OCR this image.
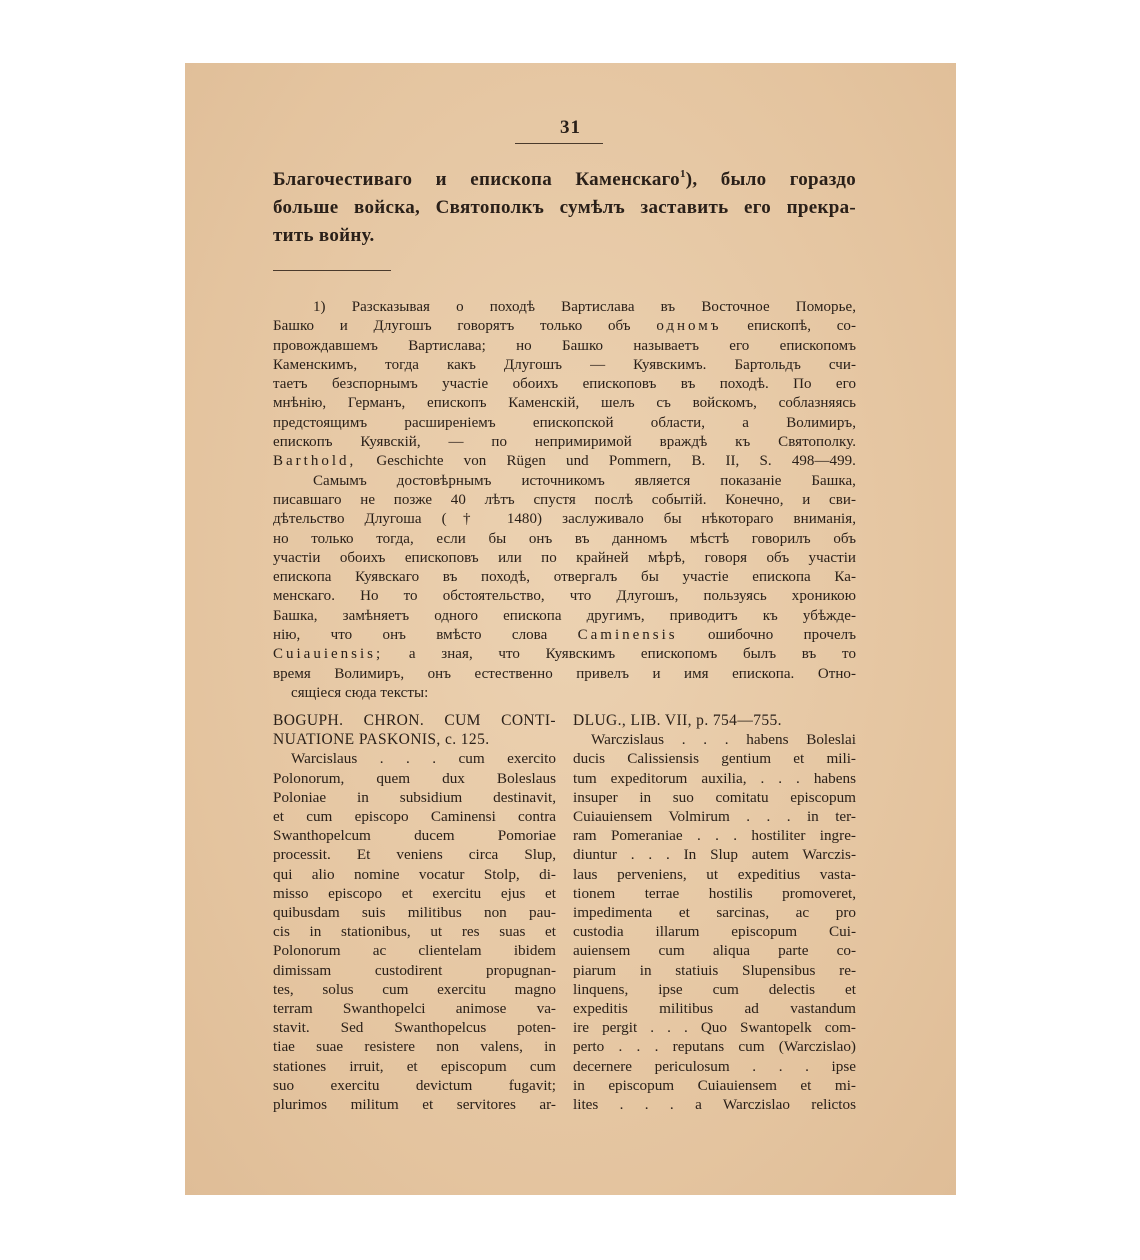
31
Благочестиваго и епископа Каменскаго$^1$), было гораздо
больше войска, Святополкъ сумѣлъ заставить его прекра-
тить войну.
1) Разсказывая о походѣ Вартислава въ Восточное Поморье,
Башко и Длугошъ говорятъ только объ одномъ епископѣ, со-
провождавшемъ Вартислава; но Башко называетъ его епископомъ
Каменскимъ, тогда какъ Длугошъ — Куявскимъ. Бартольдъ счи-
таетъ безспорнымъ участіе обоихъ епископовъ въ походѣ. По его
мнѣнію, Германъ, епископъ Каменскій, шелъ съ войскомъ, соблазняясь
предстоящимъ расширеніемъ епископской области, а Волимиръ,
епископъ Куявскій, — по непримиримой враждѣ къ Святополку.
Barthold, Geschichte von Rügen und Pommern, B. II, S. 498—499.
Самымъ достовѣрнымъ источникомъ является показаніе Башка,
писавшаго не позже 40 лѣтъ спустя послѣ событій. Конечно, и сви-
дѣтельство Длугоша († 1480) заслуживало бы нѣкотораго вниманія,
но только тогда, если бы онъ въ данномъ мѣстѣ говорилъ объ
участіи обоихъ епископовъ или по крайней мѣрѣ, говоря объ участіи
епископа Куявскаго въ походѣ, отвергалъ бы участіе епископа Ка-
менскаго. Но то обстоятельство, что Длугошъ, пользуясь хроникою
Башка, замѣняетъ одного епископа другимъ, приводитъ къ убѣжде-
нію, что онъ вмѣсто слова Caminensis ошибочно прочелъ
Cuiauiensis; а зная, что Куявскимъ епископомъ былъ въ то
время Волимиръ, онъ естественно привелъ и имя епископа. Отно-
сящіеся сюда тексты:
BOGUPH. CHRON. CUM CONTI-
NUATIONE PASKONIS, c. 125.
Warcislaus . . . cum exercito
Polonorum, quem dux Boleslaus
Poloniae in subsidium destinavit,
et cum episcopo Caminensi contra
Swanthopelcum ducem Pomoriae
processit. Et veniens circa Slup,
qui alio nomine vocatur Stolp, di-
misso episcopo et exercitu ejus et
quibusdam suis militibus non pau-
cis in stationibus, ut res suas et
Polonorum ac clientelam ibidem
dimissam custodirent propugnan-
tes, solus cum exercitu magno
terram Swanthopelci animose va-
stavit. Sed Swanthopelcus poten-
tiae suae resistere non valens, in
stationes irruit, et episcopum cum
suo exercitu devictum fugavit;
plurimos militum et servitores ar-
DLUG., LIB. VII, p. 754—755.
Warczislaus . . . habens Boleslai
ducis Calissiensis gentium et mili-
tum expeditorum auxilia, . . . habens
insuper in suo comitatu episcopum
Cuiauiensem Volmirum . . . in ter-
ram Pomeraniae . . . hostiliter ingre-
diuntur . . . In Slup autem Warczis-
laus perveniens, ut expeditius vasta-
tionem terrae hostilis promoveret,
impedimenta et sarcinas, ac pro
custodia illarum episcopum Cui-
auiensem cum aliqua parte co-
piarum in statiuis Slupensibus re-
linquens, ipse cum delectis et
expeditis militibus ad vastandum
ire pergit . . . Quo Swantopelk com-
perto . . . reputans cum (Warczislao)
decernere periculosum . . . ipse
in episcopum Cuiauiensem et mi-
lites . . . a Warczislao relictos
